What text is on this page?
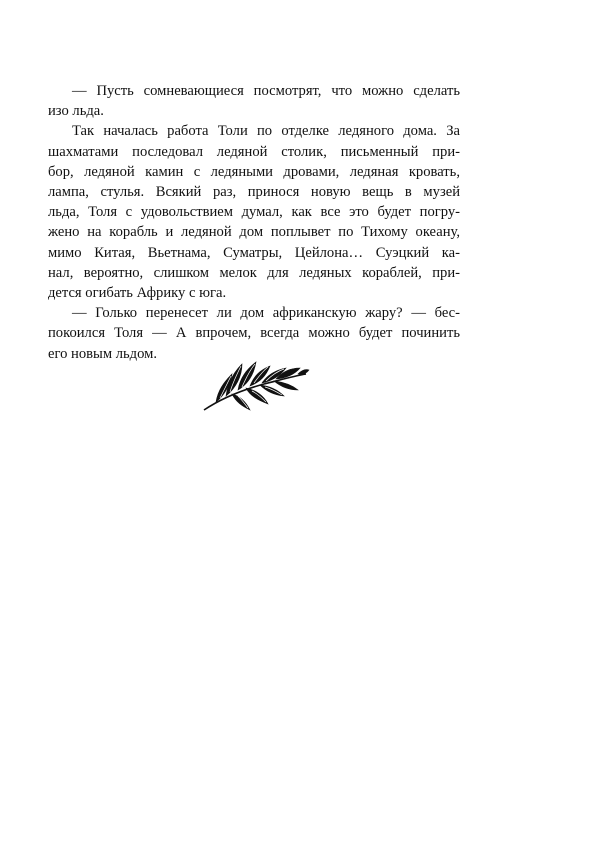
— Пусть сомневающиеся посмотрят, что можно сделать
изо льда.

Так началась работа Толи по отделке ледяного дома. За
шахматами последовал ледяной столик, письменный при-
бор, ледяной камин с ледяными дровами, ледяная кровать,
лампа, стулья. Всякий раз, принося новую вещь в музей
льда, Толя с удовольствием думал, как все это будет погру-
жено на корабль и ледяной дом поплывет по Тихому океану,
мимо Китая, Вьетнама, Суматры, Цейлона… Суэцкий ка-
нал, вероятно, слишком мелок для ледяных кораблей, при-
дется огибать Африку с юга.

— Голько перенесет ли дом африканскую жару? — бес-
покоился Толя — А впрочем, всегда можно будет починить
его новым льдом.
